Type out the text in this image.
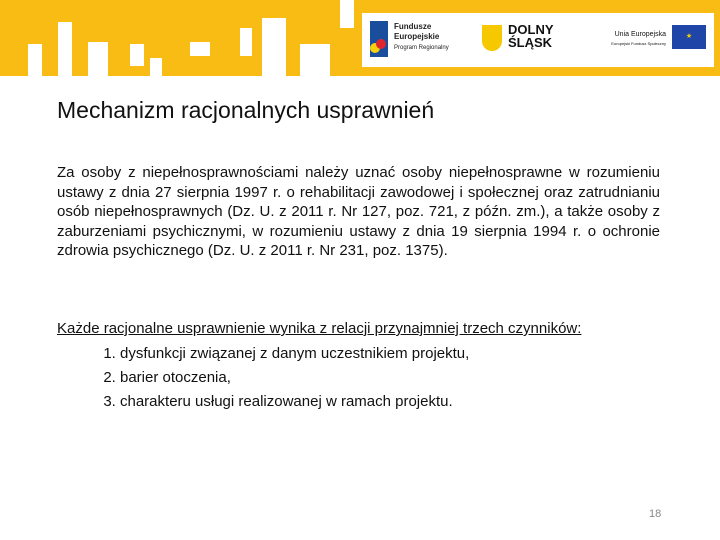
Fundusze
Europejskie
Program Regionalny
DOLNY
ŚLĄSK
Unia Europejska
Europejski Fundusz Społeczny
★
Mechanizm racjonalnych usprawnień
Za osoby z niepełnosprawnościami należy uznać osoby niepełnosprawne w rozumieniu ustawy z dnia 27 sierpnia 1997 r. o rehabilitacji zawodowej i społecznej oraz zatrudnianiu osób niepełnosprawnych (Dz. U. z 2011 r. Nr 127, poz. 721, z późn. zm.), a także osoby z zaburzeniami psychicznymi, w rozumieniu ustawy z dnia 19 sierpnia 1994 r. o ochronie zdrowia psychicznego (Dz. U. z 2011 r. Nr 231, poz. 1375).
Każde racjonalne usprawnienie wynika z relacji przynajmniej trzech czynników:
1. dysfunkcji związanej z danym uczestnikiem projektu,
2. barier otoczenia,
3. charakteru usługi realizowanej w ramach projektu.
18
